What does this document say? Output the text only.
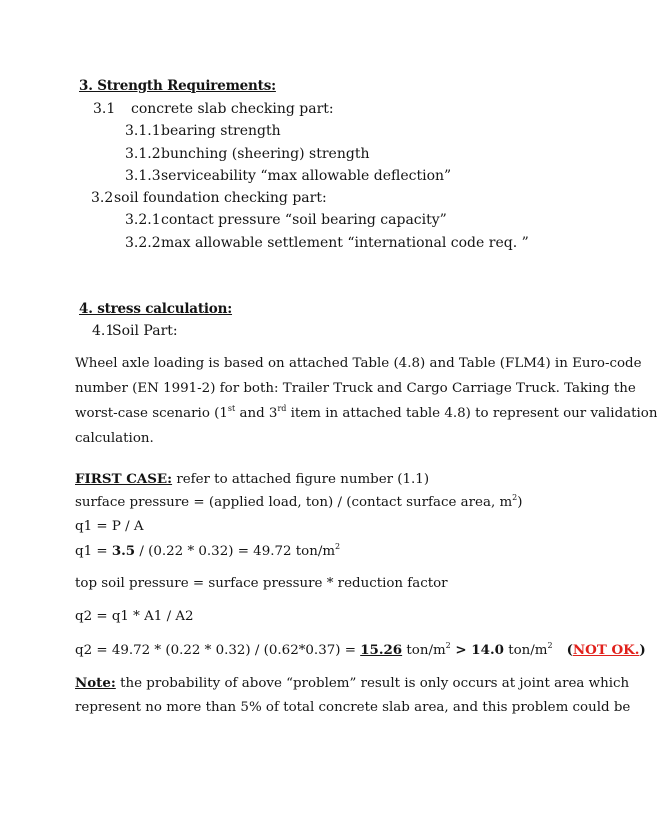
3. Strength Requirements:
3.1 concrete slab checking part:
3.1.1bearing strength
3.1.2bunching (sheering) strength
3.1.3serviceability “max allowable deflection”
3.2soil foundation checking part:
3.2.1contact pressure “soil bearing capacity”
3.2.2max allowable settlement “international code req. ”
4. stress calculation:
4.1Soil Part:
Wheel axle loading is based on attached Table (4.8) and Table (FLM4) in Euro-code
number (EN 1991-2) for both: Trailer Truck and Cargo Carriage Truck. Taking the
worst-case scenario (1st and 3rd item in attached table 4.8) to represent our validation
calculation.
FIRST CASE: refer to attached figure number (1.1)
surface pressure = (applied load, ton) / (contact surface area, $m^2$)
q1 = P / A
q1 = 3.5 / (0.22 * 0.32) = 49.72 ton/$m^2$
top soil pressure = surface pressure * reduction factor
q2 = q1 * A1 / A2
q2 = 49.72 * (0.22 * 0.32) / (0.62*0.37) = 15.26 ton/$m^2 > 14.0$ ton/$m^2$ (NOT OK.)
Note: the probability of above “problem” result is only occurs at joint area which
represent no more than 5% of total concrete slab area, and this problem could be
